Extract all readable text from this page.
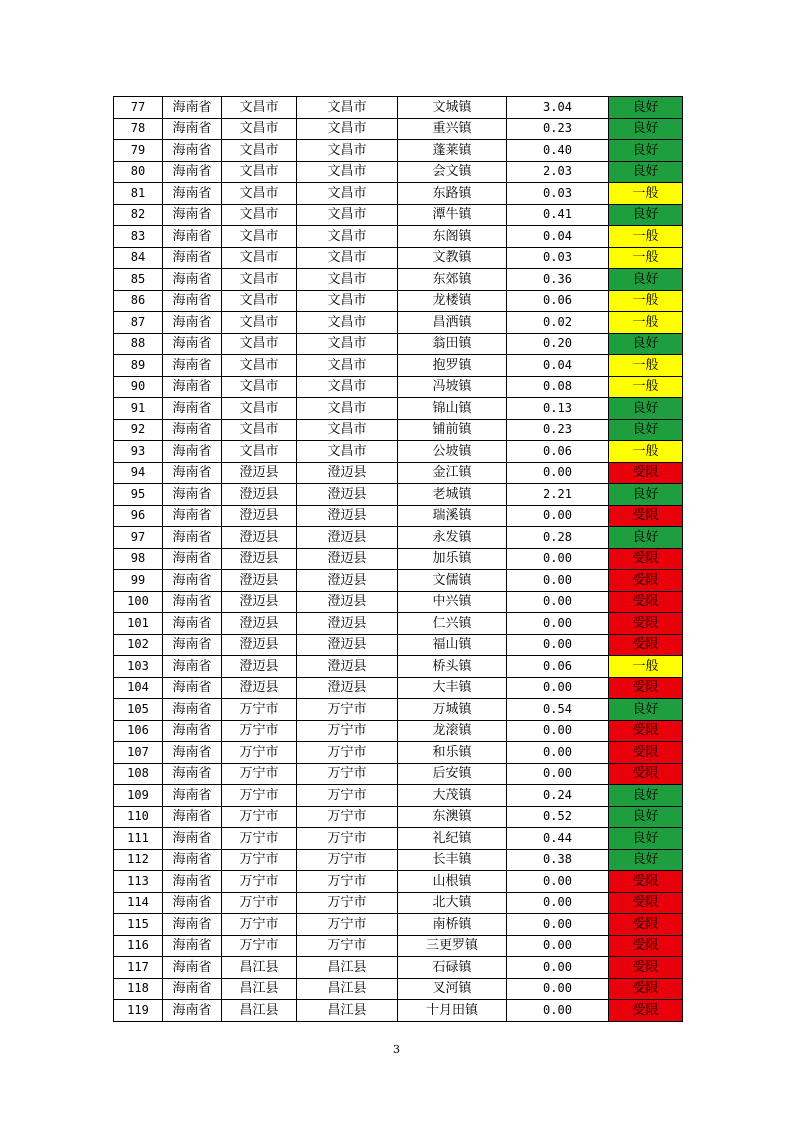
77	海南省	文昌市	文昌市	文城镇	3.04	良好
78	海南省	文昌市	文昌市	重兴镇	0.23	良好
79	海南省	文昌市	文昌市	蓬莱镇	0.40	良好
80	海南省	文昌市	文昌市	会文镇	2.03	良好
81	海南省	文昌市	文昌市	东路镇	0.03	一般
82	海南省	文昌市	文昌市	潭牛镇	0.41	良好
83	海南省	文昌市	文昌市	东阁镇	0.04	一般
84	海南省	文昌市	文昌市	文教镇	0.03	一般
85	海南省	文昌市	文昌市	东郊镇	0.36	良好
86	海南省	文昌市	文昌市	龙楼镇	0.06	一般
87	海南省	文昌市	文昌市	昌洒镇	0.02	一般
88	海南省	文昌市	文昌市	翁田镇	0.20	良好
89	海南省	文昌市	文昌市	抱罗镇	0.04	一般
90	海南省	文昌市	文昌市	冯坡镇	0.08	一般
91	海南省	文昌市	文昌市	锦山镇	0.13	良好
92	海南省	文昌市	文昌市	铺前镇	0.23	良好
93	海南省	文昌市	文昌市	公坡镇	0.06	一般
94	海南省	澄迈县	澄迈县	金江镇	0.00	受限
95	海南省	澄迈县	澄迈县	老城镇	2.21	良好
96	海南省	澄迈县	澄迈县	瑞溪镇	0.00	受限
97	海南省	澄迈县	澄迈县	永发镇	0.28	良好
98	海南省	澄迈县	澄迈县	加乐镇	0.00	受限
99	海南省	澄迈县	澄迈县	文儒镇	0.00	受限
100	海南省	澄迈县	澄迈县	中兴镇	0.00	受限
101	海南省	澄迈县	澄迈县	仁兴镇	0.00	受限
102	海南省	澄迈县	澄迈县	福山镇	0.00	受限
103	海南省	澄迈县	澄迈县	桥头镇	0.06	一般
104	海南省	澄迈县	澄迈县	大丰镇	0.00	受限
105	海南省	万宁市	万宁市	万城镇	0.54	良好
106	海南省	万宁市	万宁市	龙滚镇	0.00	受限
107	海南省	万宁市	万宁市	和乐镇	0.00	受限
108	海南省	万宁市	万宁市	后安镇	0.00	受限
109	海南省	万宁市	万宁市	大茂镇	0.24	良好
110	海南省	万宁市	万宁市	东澳镇	0.52	良好
111	海南省	万宁市	万宁市	礼纪镇	0.44	良好
112	海南省	万宁市	万宁市	长丰镇	0.38	良好
113	海南省	万宁市	万宁市	山根镇	0.00	受限
114	海南省	万宁市	万宁市	北大镇	0.00	受限
115	海南省	万宁市	万宁市	南桥镇	0.00	受限
116	海南省	万宁市	万宁市	三更罗镇	0.00	受限
117	海南省	昌江县	昌江县	石碌镇	0.00	受限
118	海南省	昌江县	昌江县	叉河镇	0.00	受限
119	海南省	昌江县	昌江县	十月田镇	0.00	受限
3
